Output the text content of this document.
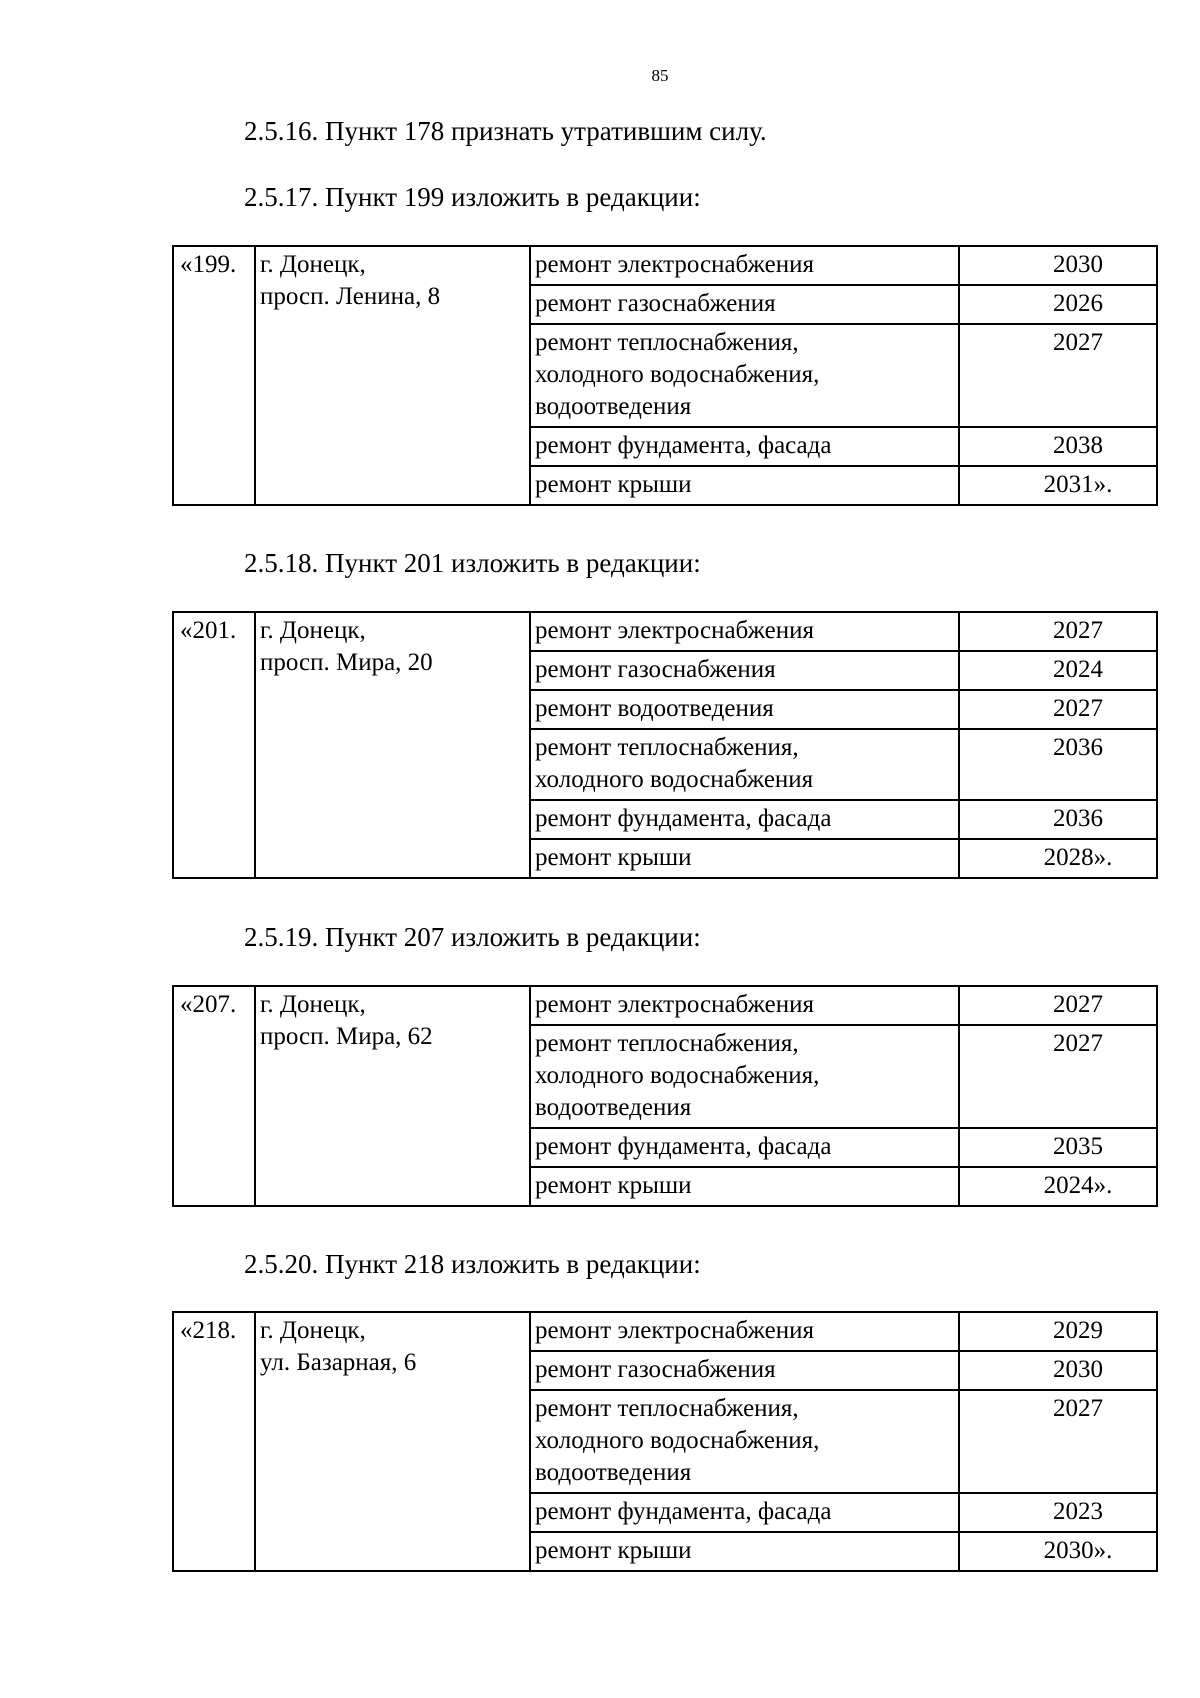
85
2.5.16. Пункт 178 признать утратившим силу.
2.5.17. Пункт 199 изложить в редакции:
«199.	г. Донецк,
просп. Ленина, 8	ремонт электроснабжения	2030

		ремонт газоснабжения	2026

		ремонт теплоснабжения,
холодного водоснабжения,
водоотведения	2027

		ремонт фундамента, фасада	2038

		ремонт крыши	2031».
2.5.18. Пункт 201 изложить в редакции:
«201.	г. Донецк,
просп. Мира, 20	ремонт электроснабжения	2027

		ремонт газоснабжения	2024

		ремонт водоотведения	2027

		ремонт теплоснабжения,
холодного водоснабжения	2036

		ремонт фундамента, фасада	2036

		ремонт крыши	2028».
2.5.19. Пункт 207 изложить в редакции:
«207.	г. Донецк,
просп. Мира, 62	ремонт электроснабжения	2027

		ремонт теплоснабжения,
холодного водоснабжения,
водоотведения	2027

		ремонт фундамента, фасада	2035

		ремонт крыши	2024».
2.5.20. Пункт 218 изложить в редакции:
«218.	г. Донецк,
ул. Базарная, 6	ремонт электроснабжения	2029

		ремонт газоснабжения	2030

		ремонт теплоснабжения,
холодного водоснабжения,
водоотведения	2027

		ремонт фундамента, фасада	2023

		ремонт крыши	2030».
